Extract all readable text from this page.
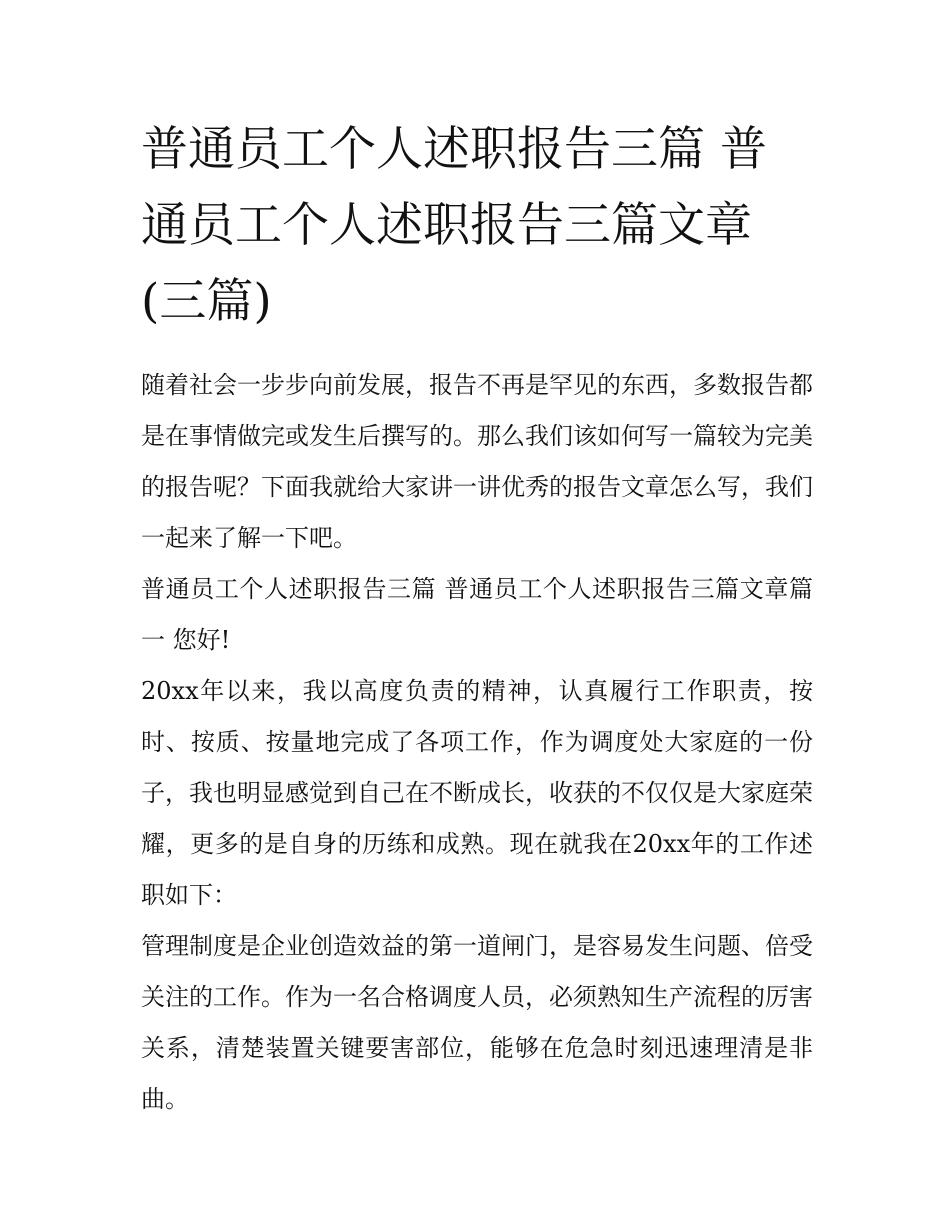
普通员工个人述职报告三篇 普通员工个人述职报告三篇文章(三篇)

随着社会一步步向前发展，报告不再是罕见的东西，多数报告都是在事情做完或发生后撰写的。那么我们该如何写一篇较为完美的报告呢？下面我就给大家讲一讲优秀的报告文章怎么写，我们一起来了解一下吧。

普通员工个人述职报告三篇 普通员工个人述职报告三篇文章篇一 您好!

20xx年以来，我以高度负责的精神，认真履行工作职责，按时、按质、按量地完成了各项工作，作为调度处大家庭的一份子，我也明显感觉到自己在不断成长，收获的不仅仅是大家庭荣耀，更多的是自身的历练和成熟。现在就我在20xx年的工作述职如下：

管理制度是企业创造效益的第一道闸门，是容易发生问题、倍受关注的工作。作为一名合格调度人员，必须熟知生产流程的厉害关系，清楚装置关键要害部位，能够在危急时刻迅速理清是非曲。
